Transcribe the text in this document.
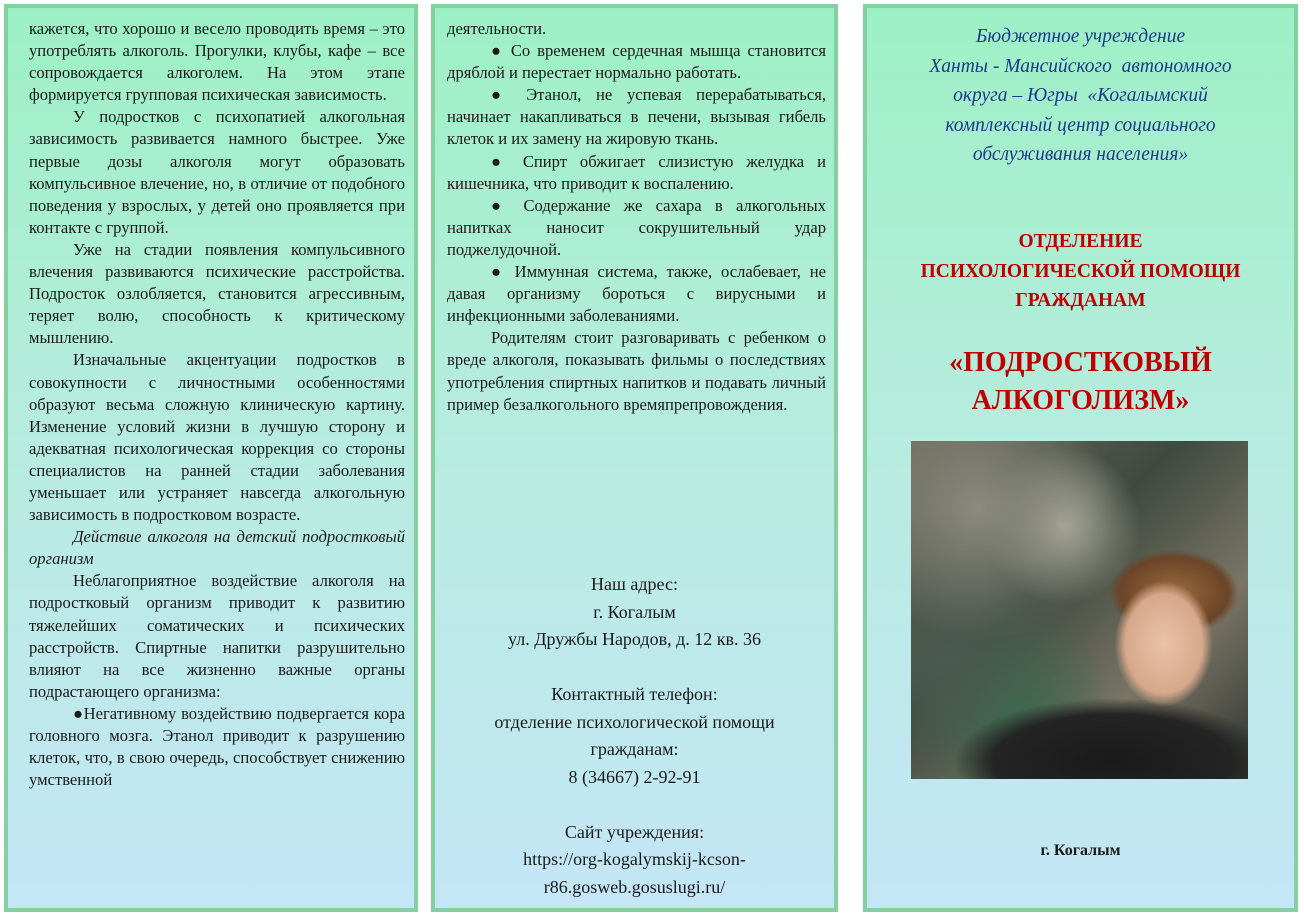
кажется, что хорошо и весело проводить время – это употреблять алкоголь. Прогулки, клубы, кафе – все сопровождается алкоголем. На этом этапе формируется групповая психическая зависимость.

У подростков с психопатией алкогольная зависимость развивается намного быстрее. Уже первые дозы алкоголя могут образовать компульсивное влечение, но, в отличие от подобного поведения у взрослых, у детей оно проявляется при контакте с группой.

Уже на стадии появления компульсивного влечения развиваются психические расстройства. Подросток озлобляется, становится агрессивным, теряет волю, способность к критическому мышлению.

Изначальные акцентуации подростков в совокупности с личностными особенностями образуют весьма сложную клиническую картину. Изменение условий жизни в лучшую сторону и адекватная психологическая коррекция со стороны специалистов на ранней стадии заболевания уменьшает или устраняет навсегда алкогольную зависимость в подростковом возрасте.

Действие алкоголя на детский подростковый организм

Неблагоприятное воздействие алкоголя на подростковый организм приводит к развитию тяжелейших соматических и психических расстройств. Спиртные напитки разрушительно влияют на все жизненно важные органы подрастающего организма:

●Негативному воздействию подвергается кора головного мозга. Этанол приводит к разрушению клеток, что, в свою очередь, способствует снижению умственной

деятельности.

● Со временем сердечная мышца становится дряблой и перестает нормально работать.

● Этанол, не успевая перерабатываться, начинает накапливаться в печени, вызывая гибель клеток и их замену на жировую ткань.

● Спирт обжигает слизистую желудка и кишечника, что приводит к воспалению.

● Содержание же сахара в алкогольных напитках наносит сокрушительный удар поджелудочной.

● Иммунная система, также, ослабевает, не давая организму бороться с вирусными и инфекционными заболеваниями.

Родителям стоит разговаривать с ребенком о вреде алкоголя, показывать фильмы о последствиях употребления спиртных напитков и подавать личный пример безалкогольного времяпрепровождения.

Наш адрес:

г. Когалым

ул. Дружбы Народов, д. 12 кв. 36

Контактный телефон:

отделение психологической помощи

гражданам:

8 (34667) 2-92-91

Сайт учреждения:

https://org-kogalymskij-kcson-

r86.gosweb.gosuslugi.ru/

Бюджетное учреждение
Ханты - Мансийского  автономного
округа – Югры  «Когалымский
комплексный центр социального
обслуживания населения»
ОТДЕЛЕНИЕ
ПСИХОЛОГИЧЕСКОЙ ПОМОЩИ
ГРАЖДАНАМ
«ПОДРОСТКОВЫЙ
АЛКОГОЛИЗМ»
г. Когалым
